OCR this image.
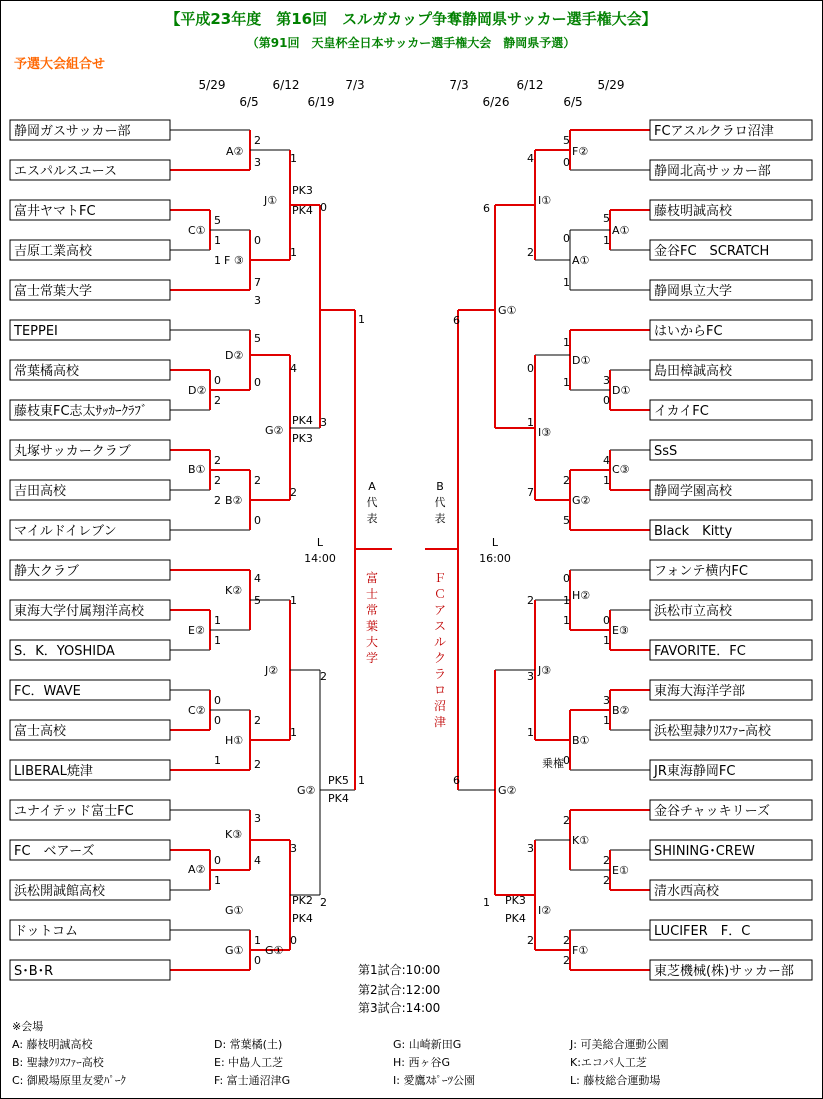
【平成23年度　第16回　スルガカップ争奪静岡県サッカー選手権大会】
（第91回　天皇杯全日本サッカー選手権大会　静岡県予選）
予選大会組合せ
5/29	6/12	7/3
6/5	6/19
7/3	6/12	5/29
6/26	6/5
静岡ガスサッカー部
エスパルスユース
富井ヤマトFC
吉原工業高校
富士常葉大学
TEPPEI
常葉橘高校
藤枝東FC志太ｻｯｶｰｸﾗﾌﾞ
丸塚サッカークラブ
吉田高校
マイルドイレブン
静大クラブ
東海大学付属翔洋高校
S．K．YOSHIDA
FC．WAVE
富士高校
LIBERAL焼津
ユナイテッド富士FC
FC　ベアーズ
浜松開誠館高校
ドットコム
S･B･R
FCアスルクラロ沼津
静岡北高サッカー部
藤枝明誠高校
金谷FC　SCRATCH
静岡県立大学
はいからFC
島田樟誠高校
イカイFC
SsS
静岡学園高校
Black　Kitty
フォンテ横内FC
浜松市立高校
FAVORITE．FC
東海大海洋学部
浜松聖隷ｸﾘｽﾌｧｰ高校
JR東海静岡FC
金谷チャッキリーズ
SHINING･CREW
清水西高校
LUCIFER　F．C
東芝機械(株)サッカー部
A②
C①
F ③
D②
D②
B①
B②
K②
E②
C②
H①
K③
A②
G①
G①
J①
G②
J②
G②
G①
F②
A①
A①
I①
D①
D①
C③
G②
I③
H②
E③
B②
B①
K①
E①
F①
I②
J③
G②
G①
2
3
5
1	0
7
1
1
5
0
2
0
2
2	2
0
4
2
4
1
1
5
0
0	2
2
1
1
3
0
1
4
1
0
3
0
0
3
2
2
1
1
3
1
2
1
5
0
4
6
0
5
1
1
2
1
3
0
6
1
0
1
4
1
7
2
5
6
0
2
0
1
1
3
1
1
0
2
2
2
3
1
2
2
2
3
1
PK3
PK4
PK4
PK3
PK5
PK4
PK2
PK4
PK3
PK4
L
14:00
L
16:00
A
代
表
富
士
常
葉
大
学
B
代
表
Ｆ
Ｃ
ア
ス
ル
ク
ラ
ロ
沼
津
乗権
第1試合:10:00
第2試合:12:00
第3試合:14:00
※会場
A: 藤枝明誠高校	D: 常葉橘(土)	G: 山崎新田G	J: 可美総合運動公園
B: 聖隷ｸﾘｽﾌｧｰ高校	E: 中島人工芝	H: 西ヶ谷G	K:エコパ人工芝
C: 御殿場原里友愛ﾊﾟｰｸ	F: 富士通沼津G	I: 愛鷹ｽﾎﾟｰﾂ公園	L: 藤枝総合運動場
